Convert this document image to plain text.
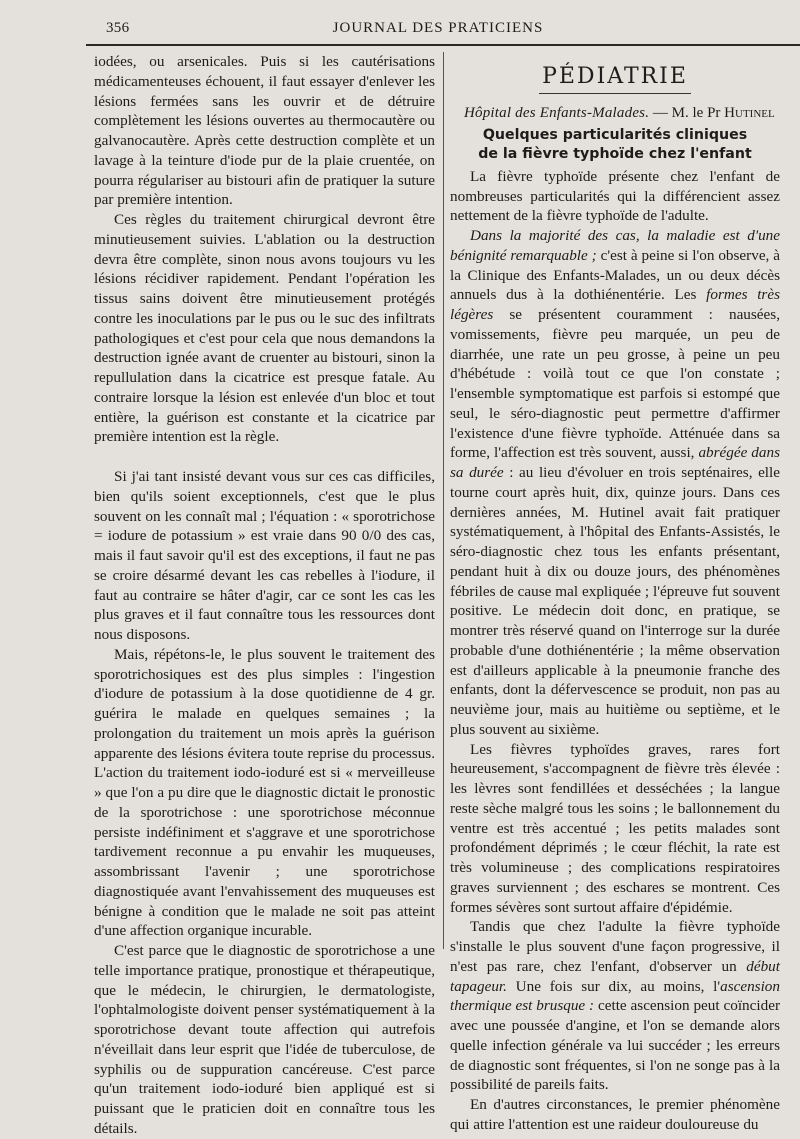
356	JOURNAL DES PRATICIENS

iodées, ou arsenicales. Puis si les cautérisations médicamenteuses échouent, il faut essayer d'enlever les lésions fermées sans les ouvrir et de détruire complètement les lésions ouvertes au thermocautère ou galvanocautère. Après cette destruction complète et un lavage à la teinture d'iode pur de la plaie cruentée, on pourra régulariser au bistouri afin de pratiquer la suture par première intention.

Ces règles du traitement chirurgical devront être minutieusement suivies. L'ablation ou la destruction devra être complète, sinon nous avons toujours vu les lésions récidiver rapidement. Pendant l'opération les tissus sains doivent être minutieusement protégés contre les inoculations par le pus ou le suc des infiltrats pathologiques et c'est pour cela que nous demandons la destruction ignée avant de cruenter au bistouri, sinon la repullulation dans la cicatrice est presque fatale. Au contraire lorsque la lésion est enlevée d'un bloc et tout entière, la guérison est constante et la cicatrice par première intention est la règle.

Si j'ai tant insisté devant vous sur ces cas difficiles, bien qu'ils soient exceptionnels, c'est que le plus souvent on les connaît mal ; l'équation : « sporotrichose = iodure de potassium » est vraie dans 90 0/0 des cas, mais il faut savoir qu'il est des exceptions, il faut ne pas se croire désarmé devant les cas rebelles à l'iodure, il faut au contraire se hâter d'agir, car ce sont les cas les plus graves et il faut connaître tous les ressources dont nous disposons.

Mais, répétons-le, le plus souvent le traitement des sporotrichosiques est des plus simples : l'ingestion d'iodure de potassium à la dose quotidienne de 4 gr. guérira le malade en quelques semaines ; la prolongation du traitement un mois après la guérison apparente des lésions évitera toute reprise du processus. L'action du traitement iodo-ioduré est si « merveilleuse » que l'on a pu dire que le diagnostic dictait le pronostic de la sporotrichose : une sporotrichose méconnue persiste indéfiniment et s'aggrave et une sporotrichose tardivement reconnue a pu envahir les muqueuses, assombrissant l'avenir ; une sporotrichose diagnostiquée avant l'envahissement des muqueuses est bénigne à condition que le malade ne soit pas atteint d'une affection organique incurable.

C'est parce que le diagnostic de sporotrichose a une telle importance pratique, pronostique et thérapeutique, que le médecin, le chirurgien, le dermatologiste, l'ophtalmologiste doivent penser systématiquement à la sporotrichose devant toute affection qui autrefois n'éveillait dans leur esprit que l'idée de tuberculose, de syphilis ou de suppuration cancéreuse. C'est parce qu'un traitement iodo-ioduré bien appliqué est si puissant que le praticien doit en connaître tous les détails.

PÉDIATRIE

Hôpital des Enfants-Malades. — M. le Pr Hutinel

Quelques particularités cliniques
de la fièvre typhoïde chez l'enfant

La fièvre typhoïde présente chez l'enfant de nombreuses particularités qui la différencient assez nettement de la fièvre typhoïde de l'adulte.

Dans la majorité des cas, la maladie est d'une bénignité remarquable ; c'est à peine si l'on observe, à la Clinique des Enfants-Malades, un ou deux décès annuels dus à la dothiénentérie. Les formes très légères se présentent couramment : nausées, vomissements, fièvre peu marquée, un peu de diarrhée, une rate un peu grosse, à peine un peu d'hébétude : voilà tout ce que l'on constate ; l'ensemble symptomatique est parfois si estompé que seul, le séro-diagnostic peut permettre d'affirmer l'existence d'une fièvre typhoïde. Atténuée dans sa forme, l'affection est très souvent, aussi, abrégée dans sa durée : au lieu d'évoluer en trois septénaires, elle tourne court après huit, dix, quinze jours. Dans ces dernières années, M. Hutinel avait fait pratiquer systématiquement, à l'hôpital des Enfants-Assistés, le séro-diagnostic chez tous les enfants présentant, pendant huit à dix ou douze jours, des phénomènes fébriles de cause mal expliquée ; l'épreuve fut souvent positive. Le médecin doit donc, en pratique, se montrer très réservé quand on l'interroge sur la durée probable d'une dothiénentérie ; la même observation est d'ailleurs applicable à la pneumonie franche des enfants, dont la défervescence se produit, non pas au neuvième jour, mais au huitième ou septième, et le plus souvent au sixième.

Les fièvres typhoïdes graves, rares fort heureusement, s'accompagnent de fièvre très élevée : les lèvres sont fendillées et desséchées ; la langue reste sèche malgré tous les soins ; le ballonnement du ventre est très accentué ; les petits malades sont profondément déprimés ; le cœur fléchit, la rate est très volumineuse ; des complications respiratoires graves surviennent ; des eschares se montrent. Ces formes sévères sont surtout affaire d'épidémie.

Tandis que chez l'adulte la fièvre typhoïde s'installe le plus souvent d'une façon progressive, il n'est pas rare, chez l'enfant, d'observer un début tapageur. Une fois sur dix, au moins, l'ascension thermique est brusque : cette ascension peut coïncider avec une poussée d'angine, et l'on se demande alors quelle infection générale va lui succéder ; les erreurs de diagnostic sont fréquentes, si l'on ne songe pas à la possibilité de pareils faits.

En d'autres circonstances, le premier phénomène qui attire l'attention est une raideur douloureuse du
